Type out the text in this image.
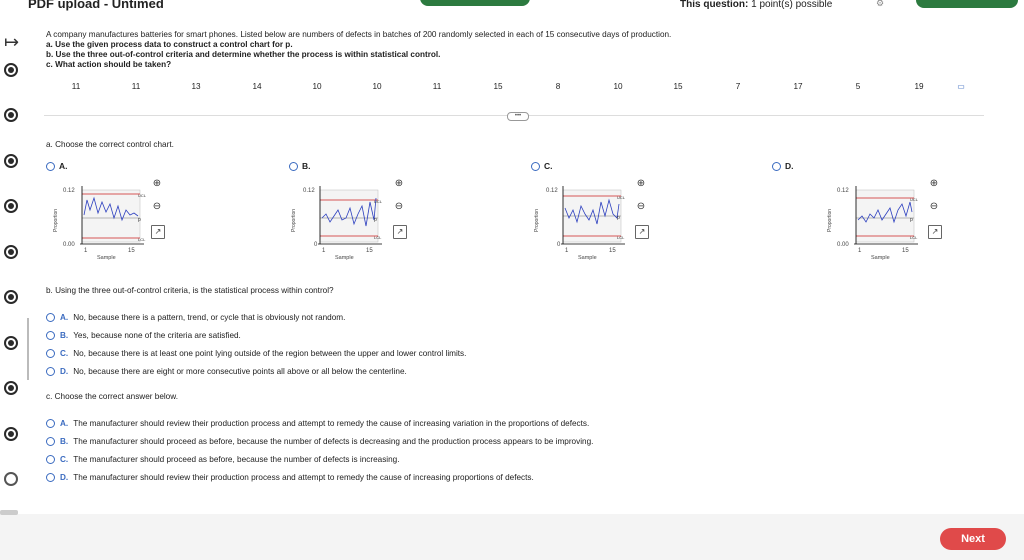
PDF upload - Untimed	This question: 1 point(s) possible	⚙
↦	A company manufactures batteries for smart phones. Listed below are numbers of defects in batches of 200 randomly selected in each of 15 consecutive days of production.
a. Use the given process data to construct a control chart for p.
b. Use the three out-of-control criteria and determine whether the process is within statistical control.
c. What action should be taken?
11	11	13	14	10	10	11	15	8	10	15	7	17	5	19	▭
•••
a. Choose the correct control chart.
A.	B.	C.	D.
0.12
0.00
Proportion
UCL
p
LCL
1	15
Sample
⊕
⊖
↗
0.12
0
Proportion
UCL
p
LCL
1	15
Sample
⊕
⊖
↗
0.12
0
Proportion
UCL
p
LCL
1	15
Sample
⊕
⊖
↗
0.12
0.00
Proportion
UCL
p
LCL
1	15
Sample
⊕
⊖
↗
b. Using the three out-of-control criteria, is the statistical process within control?
A. No, because there is a pattern, trend, or cycle that is obviously not random.
B. Yes, because none of the criteria are satisfied.
C. No, because there is at least one point lying outside of the region between the upper and lower control limits.
D. No, because there are eight or more consecutive points all above or all below the centerline.
c. Choose the correct answer below.
A. The manufacturer should review their production process and attempt to remedy the cause of increasing variation in the proportions of defects.
B. The manufacturer should proceed as before, because the number of defects is decreasing and the production process appears to be improving.
C. The manufacturer should proceed as before, because the number of defects is increasing.
D. The manufacturer should review their production process and attempt to remedy the cause of increasing proportions of defects.
Next
